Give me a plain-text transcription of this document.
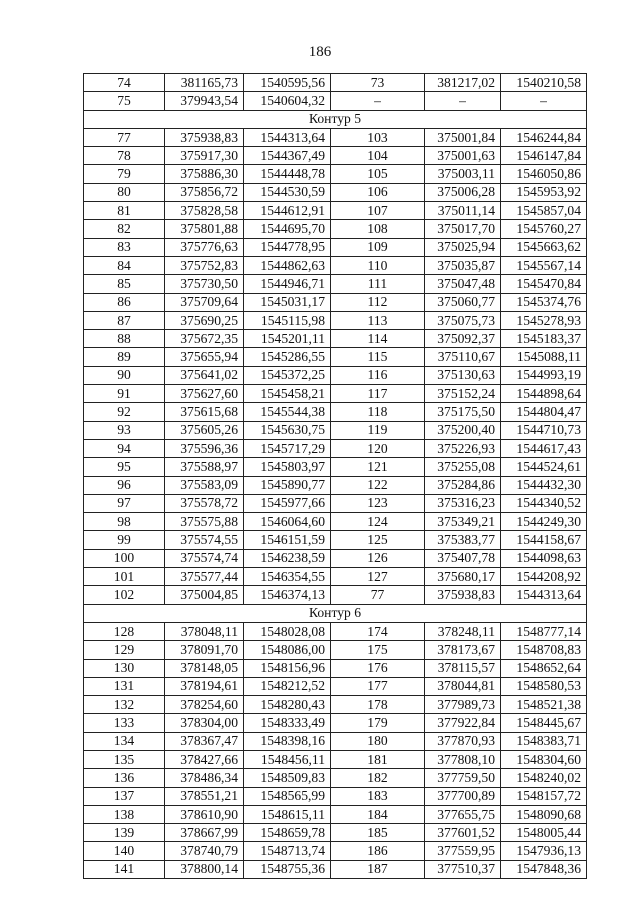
186
74	381165,73	1540595,56	73	381217,02	1540210,58
75	379943,54	1540604,32	–	–	–
Контур 5					
77	375938,83	1544313,64	103	375001,84	1546244,84
78	375917,30	1544367,49	104	375001,63	1546147,84
79	375886,30	1544448,78	105	375003,11	1546050,86
80	375856,72	1544530,59	106	375006,28	1545953,92
81	375828,58	1544612,91	107	375011,14	1545857,04
82	375801,88	1544695,70	108	375017,70	1545760,27
83	375776,63	1544778,95	109	375025,94	1545663,62
84	375752,83	1544862,63	110	375035,87	1545567,14
85	375730,50	1544946,71	111	375047,48	1545470,84
86	375709,64	1545031,17	112	375060,77	1545374,76
87	375690,25	1545115,98	113	375075,73	1545278,93
88	375672,35	1545201,11	114	375092,37	1545183,37
89	375655,94	1545286,55	115	375110,67	1545088,11
90	375641,02	1545372,25	116	375130,63	1544993,19
91	375627,60	1545458,21	117	375152,24	1544898,64
92	375615,68	1545544,38	118	375175,50	1544804,47
93	375605,26	1545630,75	119	375200,40	1544710,73
94	375596,36	1545717,29	120	375226,93	1544617,43
95	375588,97	1545803,97	121	375255,08	1544524,61
96	375583,09	1545890,77	122	375284,86	1544432,30
97	375578,72	1545977,66	123	375316,23	1544340,52
98	375575,88	1546064,60	124	375349,21	1544249,30
99	375574,55	1546151,59	125	375383,77	1544158,67
100	375574,74	1546238,59	126	375407,78	1544098,63
101	375577,44	1546354,55	127	375680,17	1544208,92
102	375004,85	1546374,13	77	375938,83	1544313,64
Контур 6					
128	378048,11	1548028,08	174	378248,11	1548777,14
129	378091,70	1548086,00	175	378173,67	1548708,83
130	378148,05	1548156,96	176	378115,57	1548652,64
131	378194,61	1548212,52	177	378044,81	1548580,53
132	378254,60	1548280,43	178	377989,73	1548521,38
133	378304,00	1548333,49	179	377922,84	1548445,67
134	378367,47	1548398,16	180	377870,93	1548383,71
135	378427,66	1548456,11	181	377808,10	1548304,60
136	378486,34	1548509,83	182	377759,50	1548240,02
137	378551,21	1548565,99	183	377700,89	1548157,72
138	378610,90	1548615,11	184	377655,75	1548090,68
139	378667,99	1548659,78	185	377601,52	1548005,44
140	378740,79	1548713,74	186	377559,95	1547936,13
141	378800,14	1548755,36	187	377510,37	1547848,36
